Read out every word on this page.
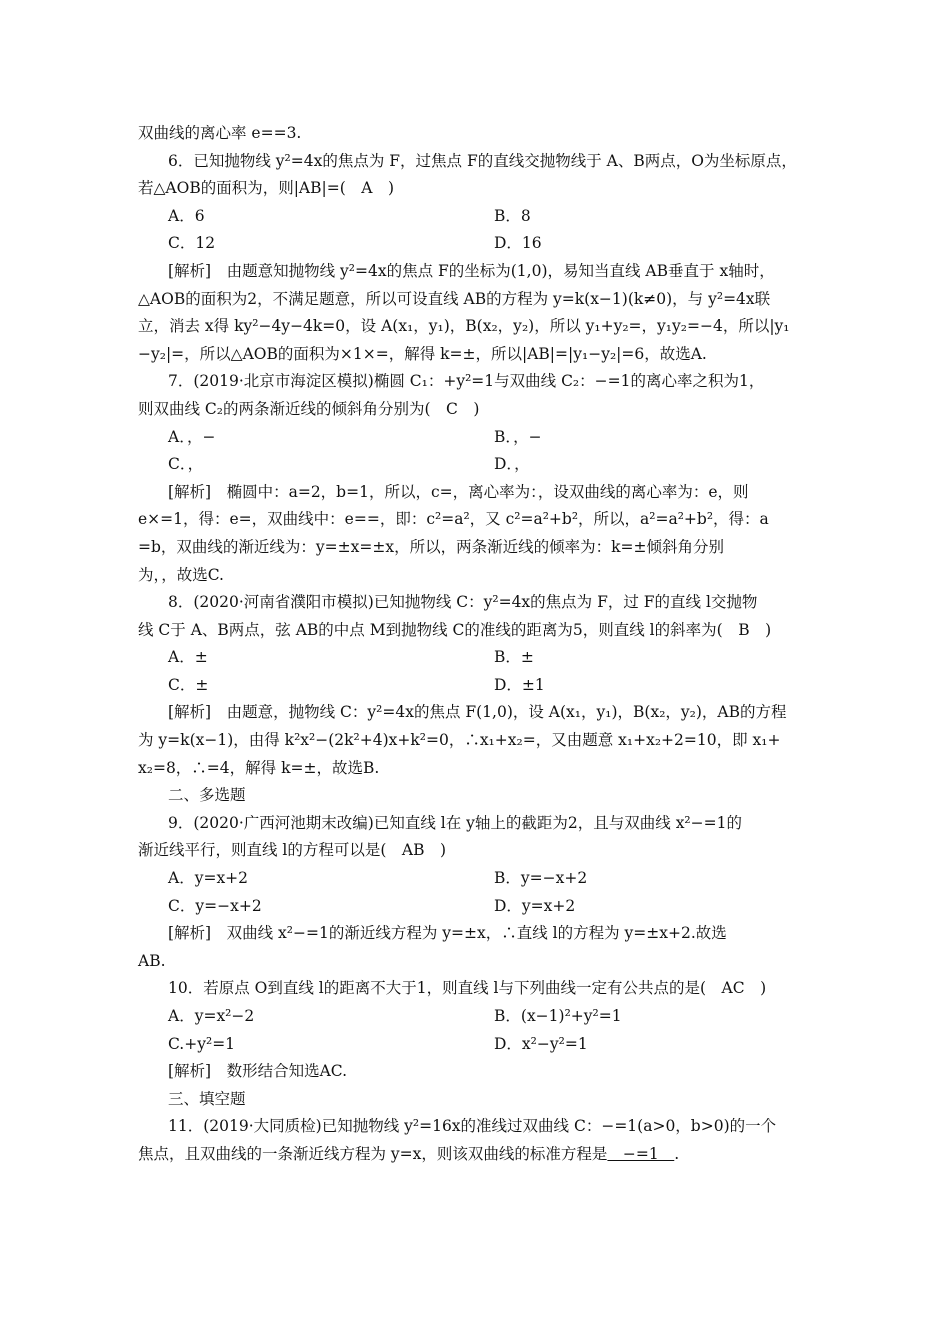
双曲线的离心率 e==3.
6．已知抛物线 y²=4x的焦点为 F，过焦点 F的直线交抛物线于 A、B两点，O为坐标原点，
若△AOB的面积为，则|AB|=(　A　)
A．6	B．8
C．12	D．16
[解析]　由题意知抛物线 y²=4x的焦点 F的坐标为(1,0)，易知当直线 AB垂直于 x轴时，
△AOB的面积为2，不满足题意，所以可设直线 AB的方程为 y=k(x−1)(k≠0)，与 y²=4x联
立，消去 x得 ky²−4y−4k=0，设 A(x₁，y₁)，B(x₂，y₂)，所以 y₁+y₂=，y₁y₂=−4，所以|y₁
−y₂|=，所以△AOB的面积为×1×=，解得 k=±，所以|AB|=|y₁−y₂|=6，故选A.
7．(2019·北京市海淀区模拟)椭圆 C₁：+y²=1与双曲线 C₂：−=1的离心率之积为1，
则双曲线 C₂的两条渐近线的倾斜角分别为(　C　)
A．，−	B．，−
C．，	D．，
[解析]　椭圆中：a=2，b=1，所以，c=，离心率为：，设双曲线的离心率为：e，则
e×=1，得：e=，双曲线中：e==，即：c²=a²，又 c²=a²+b²，所以，a²=a²+b²，得：a
=b，双曲线的渐近线为：y=±x=±x，所以，两条渐近线的倾率为：k=±倾斜角分别
为，，故选C.
8．(2020·河南省濮阳市模拟)已知抛物线 C：y²=4x的焦点为 F，过 F的直线 l交抛物
线 C于 A、B两点，弦 AB的中点 M到抛物线 C的准线的距离为5，则直线 l的斜率为(　B　)
A．±	B．±
C．±	D．±1
[解析]　由题意，抛物线 C：y²=4x的焦点 F(1,0)，设 A(x₁，y₁)，B(x₂，y₂)，AB的方程
为 y=k(x−1)，由得 k²x²−(2k²+4)x+k²=0，∴x₁+x₂=，又由题意 x₁+x₂+2=10，即 x₁+
x₂=8，∴=4，解得 k=±，故选B.
二、多选题
9．(2020·广西河池期末改编)已知直线 l在 y轴上的截距为2，且与双曲线 x²−=1的
渐近线平行，则直线 l的方程可以是(　AB　)
A．y=x+2	B．y=−x+2
C．y=−x+2	D．y=x+2
[解析]　双曲线 x²−=1的渐近线方程为 y=±x，∴直线 l的方程为 y=±x+2.故选
AB.
10．若原点 O到直线 l的距离不大于1，则直线 l与下列曲线一定有公共点的是(　AC　)
A．y=x²−2	B．(x−1)²+y²=1
C.+y²=1	D．x²−y²=1
[解析]　数形结合知选AC.
三、填空题
11．(2019·大同质检)已知抛物线 y²=16x的准线过双曲线 C：−=1(a>0，b>0)的一个
焦点，且双曲线的一条渐近线方程为 y=x，则该双曲线的标准方程是　−=1　.
